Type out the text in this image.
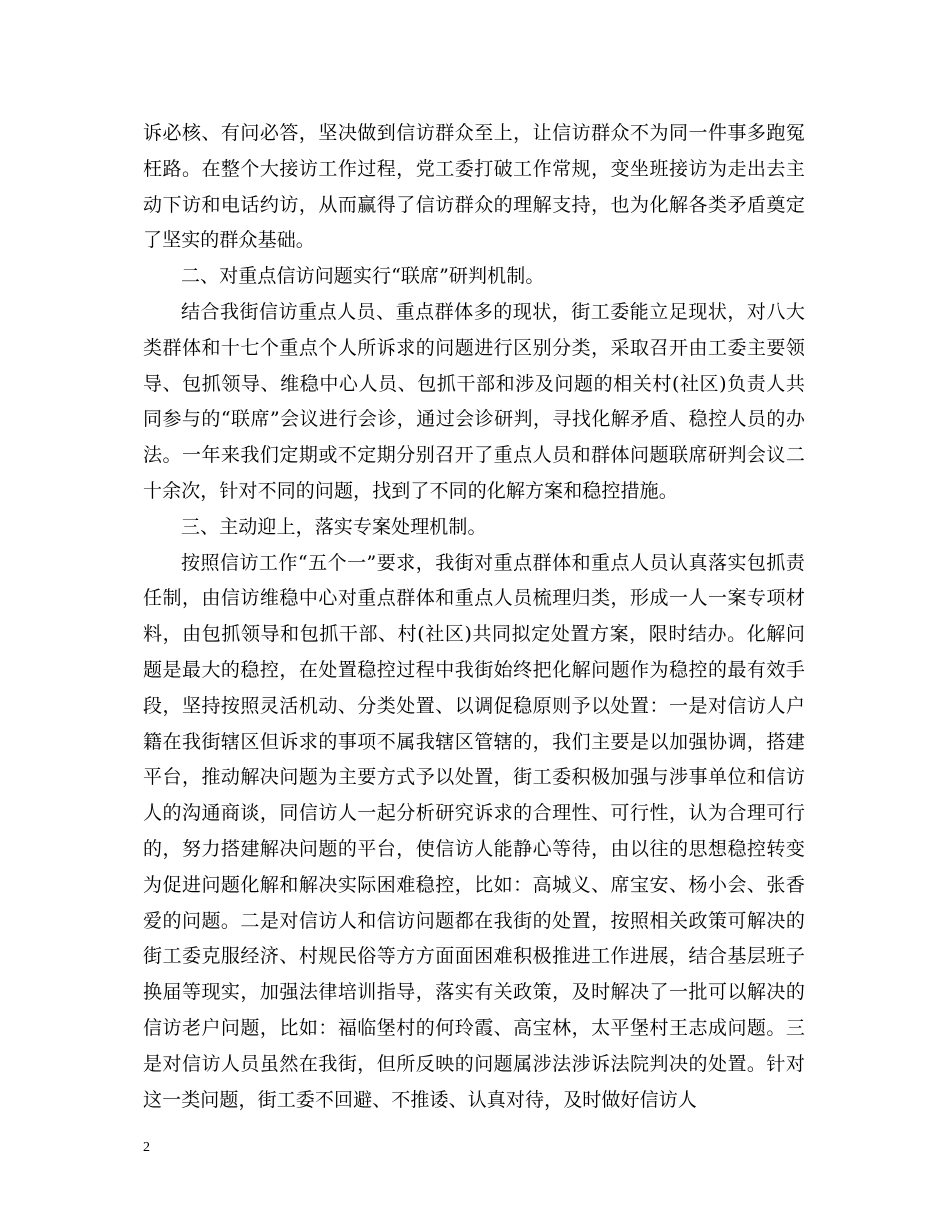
诉必核、有问必答，坚决做到信访群众至上，让信访群众不为同一件事多跑冤枉路。在整个大接访工作过程，党工委打破工作常规，变坐班接访为走出去主动下访和电话约访，从而赢得了信访群众的理解支持，也为化解各类矛盾奠定了坚实的群众基础。

二、对重点信访问题实行“联席”研判机制。

结合我街信访重点人员、重点群体多的现状，街工委能立足现状，对八大类群体和十七个重点个人所诉求的问题进行区别分类，采取召开由工委主要领导、包抓领导、维稳中心人员、包抓干部和涉及问题的相关村(社区)负责人共同参与的“联席”会议进行会诊，通过会诊研判，寻找化解矛盾、稳控人员的办法。一年来我们定期或不定期分别召开了重点人员和群体问题联席研判会议二十余次，针对不同的问题，找到了不同的化解方案和稳控措施。

三、主动迎上，落实专案处理机制。

按照信访工作“五个一”要求，我街对重点群体和重点人员认真落实包抓责任制，由信访维稳中心对重点群体和重点人员梳理归类，形成一人一案专项材料，由包抓领导和包抓干部、村(社区)共同拟定处置方案，限时结办。化解问题是最大的稳控，在处置稳控过程中我街始终把化解问题作为稳控的最有效手段，坚持按照灵活机动、分类处置、以调促稳原则予以处置：一是对信访人户籍在我街辖区但诉求的事项不属我辖区管辖的，我们主要是以加强协调，搭建平台，推动解决问题为主要方式予以处置，街工委积极加强与涉事单位和信访人的沟通商谈，同信访人一起分析研究诉求的合理性、可行性，认为合理可行的，努力搭建解决问题的平台，使信访人能静心等待，由以往的思想稳控转变为促进问题化解和解决实际困难稳控，比如：高城义、席宝安、杨小会、张香爱的问题。二是对信访人和信访问题都在我街的处置，按照相关政策可解决的街工委克服经济、村规民俗等方方面面困难积极推进工作进展，结合基层班子换届等现实，加强法律培训指导，落实有关政策，及时解决了一批可以解决的信访老户问题，比如：福临堡村的何玲霞、高宝林，太平堡村王志成问题。三是对信访人员虽然在我街，但所反映的问题属涉法涉诉法院判决的处置。针对这一类问题，街工委不回避、不推诿、认真对待，及时做好信访人

2
